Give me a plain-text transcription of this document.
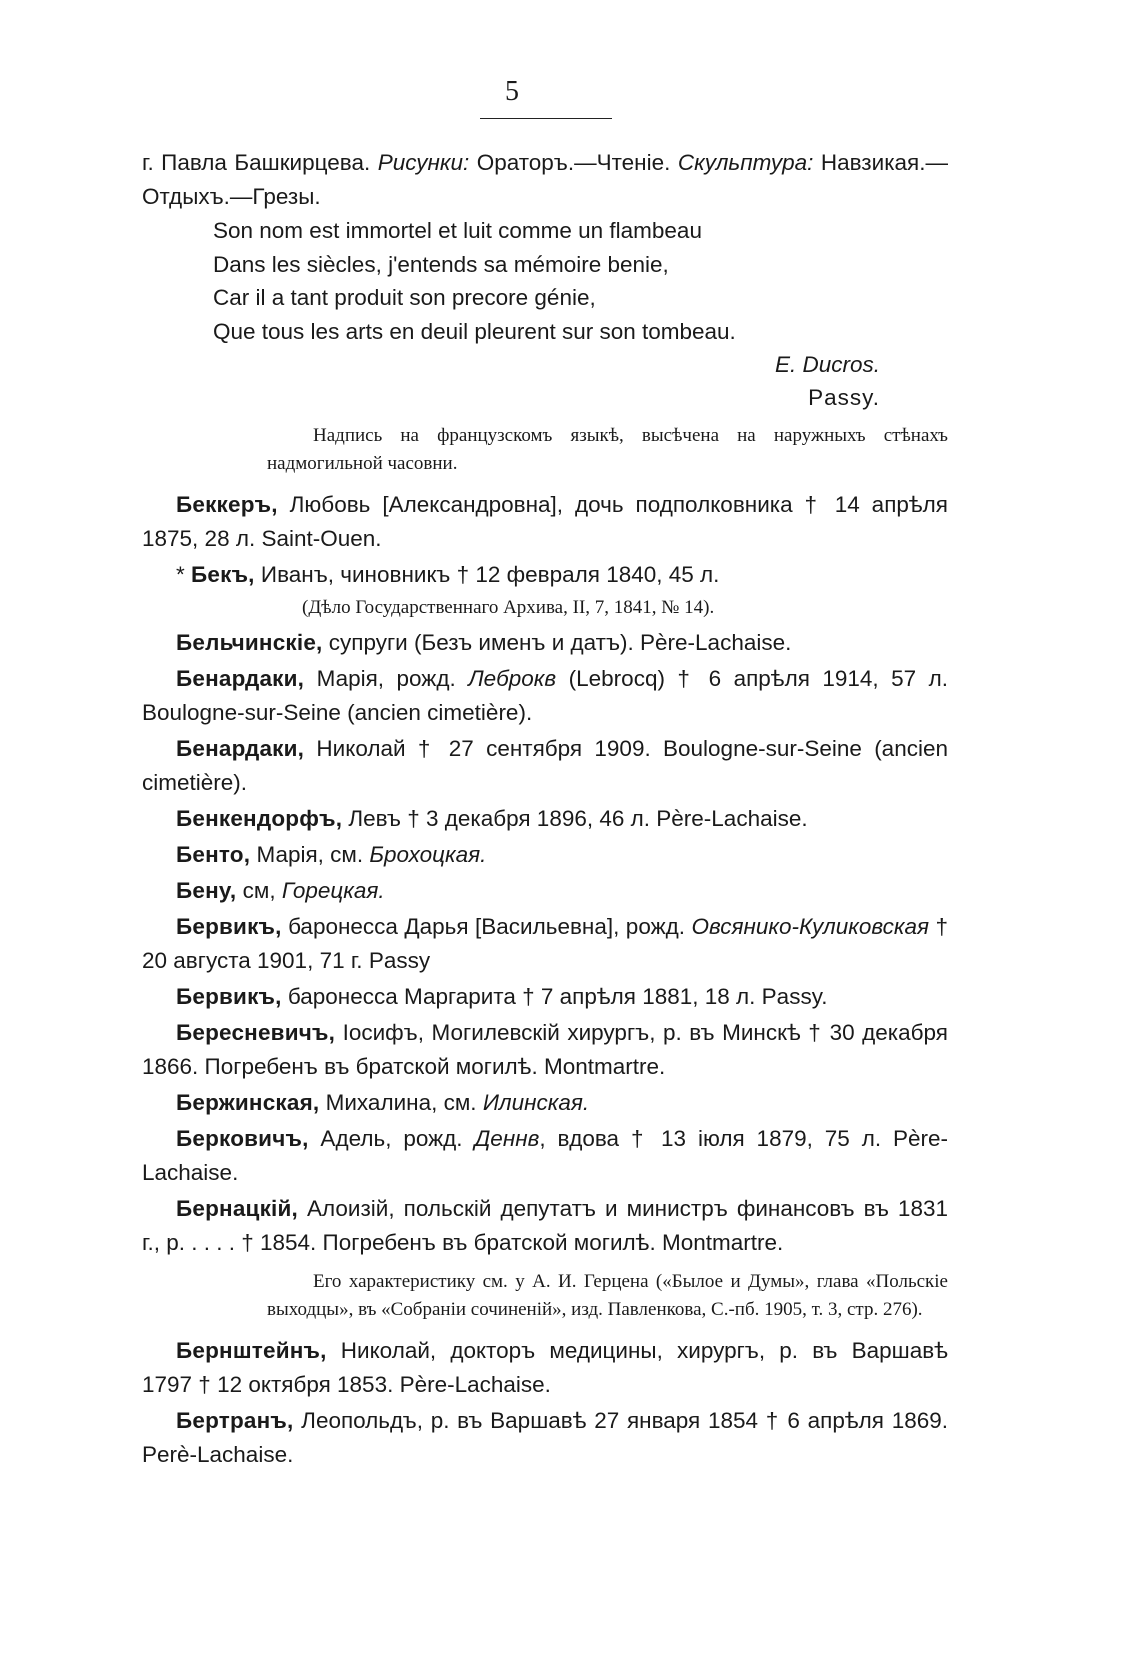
5

г. Павла Башкирцева. Рисунки: Ораторъ.—Чтеніе. Скульптура: Навзикая.—Отдыхъ.—Грезы.

Son nom est immortel et luit comme un flambeau
Dans les siècles, j'entends sa mémoire benie,
Car il a tant produit son precore génie,
Que tous les arts en deuil pleurent sur son tombeau.
E. Ducros.
Passy.
Надпись на французскомъ языкѣ, высѣчена на наружныхъ стѣнахъ надмогильной часовни.

Беккеръ, Любовь [Александровна], дочь подполковника † 14 апрѣля 1875, 28 л. Saint-Ouen.

* Бекъ, Иванъ, чиновникъ † 12 февраля 1840, 45 л.

(Дѣло Государственнаго Архива, II, 7, 1841, № 14).

Бельчинскіе, супруги (Безъ именъ и датъ). Père-Lachaise.

Бенардаки, Марія, рожд. Леброкв (Lebrocq) † 6 апрѣля 1914, 57 л. Boulogne-sur-Seine (ancien cimetière).

Бенардаки, Николай † 27 сентября 1909. Boulogne-sur-Seine (ancien cimetière).

Бенкендорфъ, Левъ † 3 декабря 1896, 46 л. Père-Lachaise.

Бенто, Марія, см. Брохоцкая.

Бену, см, Горецкая.

Бервикъ, баронесса Дарья [Васильевна], рожд. Овсянико-Куликовская † 20 августа 1901, 71 г. Passy

Бервикъ, баронесса Маргарита † 7 апрѣля 1881, 18 л. Passy.

Бересневичъ, Іосифъ, Могилевскій хирургъ, р. въ Минскѣ † 30 декабря 1866. Погребенъ въ братской могилѣ. Montmartre.

Бержинская, Михалина, см. Илинская.

Берковичъ, Адель, рожд. Деннв, вдова † 13 іюля 1879, 75 л. Père-Lachaise.

Бернацкій, Алоизій, польскій депутатъ и министръ финансовъ въ 1831 г., р. . . . . † 1854. Погребенъ въ братской могилѣ. Montmartre.

Его характеристику см. у А. И. Герцена («Былое и Думы», глава «Польскіе выходцы», въ «Собраніи сочиненій», изд. Павленкова, С.-пб. 1905, т. 3, стр. 276).

Бернштейнъ, Николай, докторъ медицины, хирургъ, р. въ Варшавѣ 1797 † 12 октября 1853. Père-Lachaise.

Бертранъ, Леопольдъ, р. въ Варшавѣ 27 января 1854 † 6 апрѣля 1869. Perè-Lachaise.
